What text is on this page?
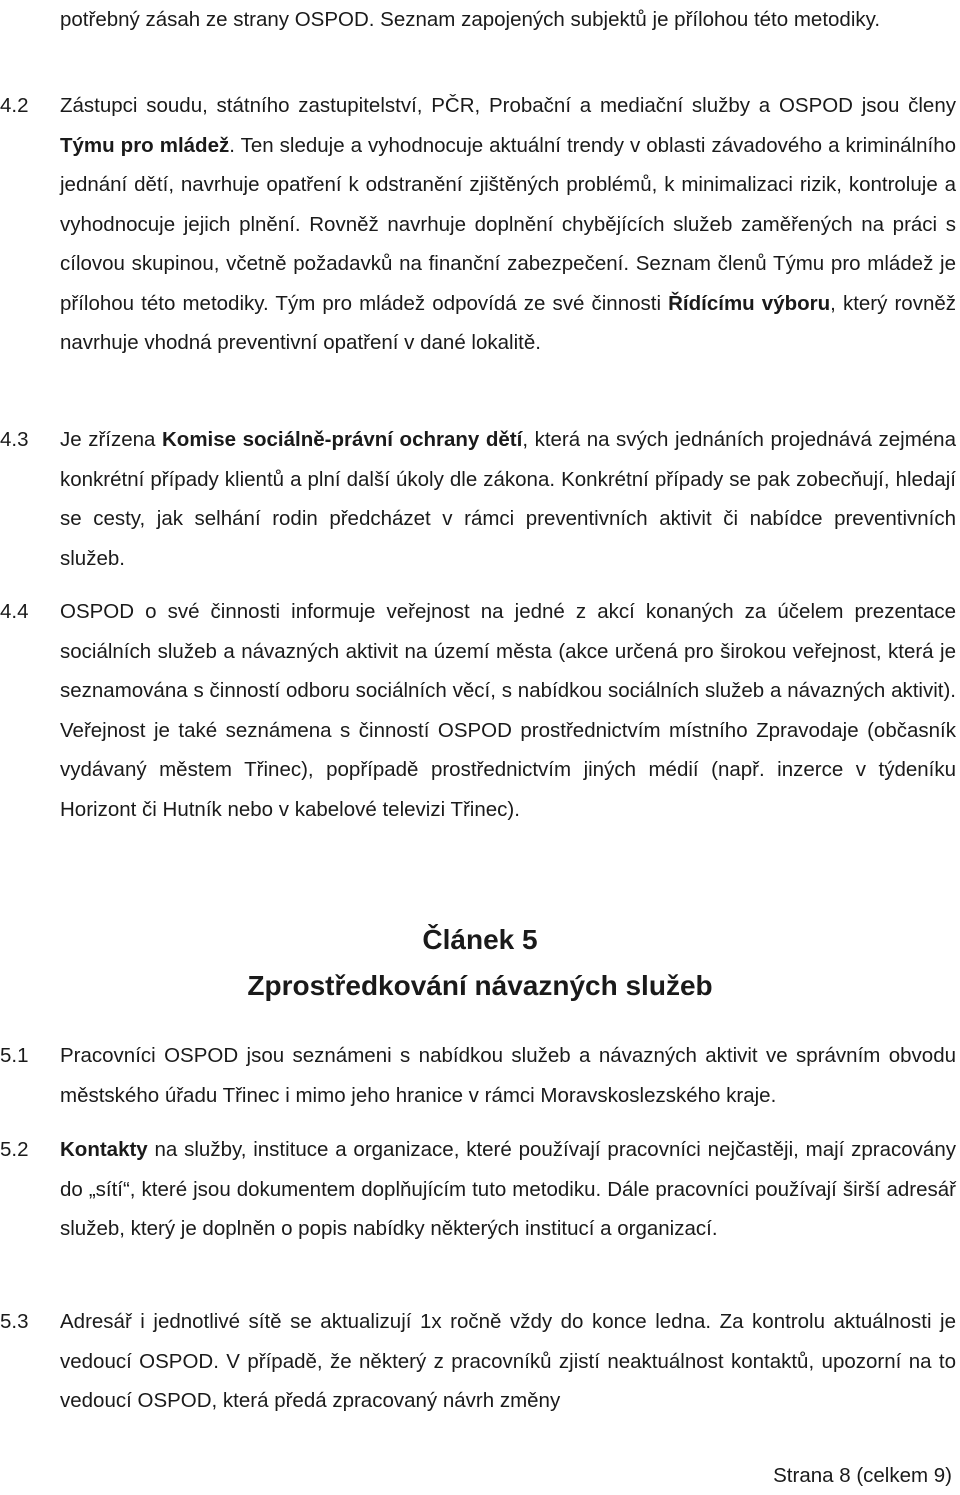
potřebný zásah ze strany OSPOD. Seznam zapojených subjektů je přílohou této metodiky.
4.2	Zástupci soudu, státního zastupitelství, PČR, Probační a mediační služby a OSPOD jsou členy Týmu pro mládež. Ten sleduje a vyhodnocuje aktuální trendy v oblasti závadového a kriminálního jednání dětí, navrhuje opatření k odstranění zjištěných problémů, k minimalizaci rizik, kontroluje a vyhodnocuje jejich plnění. Rovněž navrhuje doplnění chybějících služeb zaměřených na práci s cílovou skupinou, včetně požadavků na finanční zabezpečení. Seznam členů Týmu pro mládež je přílohou této metodiky. Tým pro mládež odpovídá ze své činnosti Řídícímu výboru, který rovněž navrhuje vhodná preventivní opatření v dané lokalitě.
4.3	Je zřízena Komise sociálně-právní ochrany dětí, která na svých jednáních projednává zejména konkrétní případy klientů a plní další úkoly dle zákona. Konkrétní případy se pak zobecňují, hledají se cesty, jak selhání rodin předcházet v rámci preventivních aktivit či nabídce preventivních služeb.
4.4	OSPOD o své činnosti informuje veřejnost na jedné z akcí konaných za účelem prezentace sociálních služeb a návazných aktivit na území města (akce určená pro širokou veřejnost, která je seznamována s činností odboru sociálních věcí, s nabídkou sociálních služeb a návazných aktivit). Veřejnost je také seznámena s činností OSPOD prostřednictvím místního Zpravodaje (občasník vydávaný městem Třinec), popřípadě prostřednictvím jiných médií (např. inzerce v týdeníku Horizont či Hutník nebo v kabelové televizi Třinec).
Článek 5
Zprostředkování návazných služeb
5.1	Pracovníci OSPOD jsou seznámeni s nabídkou služeb a návazných aktivit ve správním obvodu městského úřadu Třinec i mimo jeho hranice v rámci Moravskoslezského kraje.
5.2	Kontakty na služby, instituce a organizace, které používají pracovníci nejčastěji, mají zpracovány do „sítí“, které jsou dokumentem doplňujícím tuto metodiku. Dále pracovníci používají širší adresář služeb, který je doplněn o popis nabídky některých institucí a organizací.
5.3	Adresář i jednotlivé sítě se aktualizují 1x ročně vždy do konce ledna. Za kontrolu aktuálnosti je vedoucí OSPOD. V případě, že některý z pracovníků zjistí neaktuálnost kontaktů, upozorní na to vedoucí OSPOD, která předá zpracovaný návrh změny
Strana 8 (celkem 9)
